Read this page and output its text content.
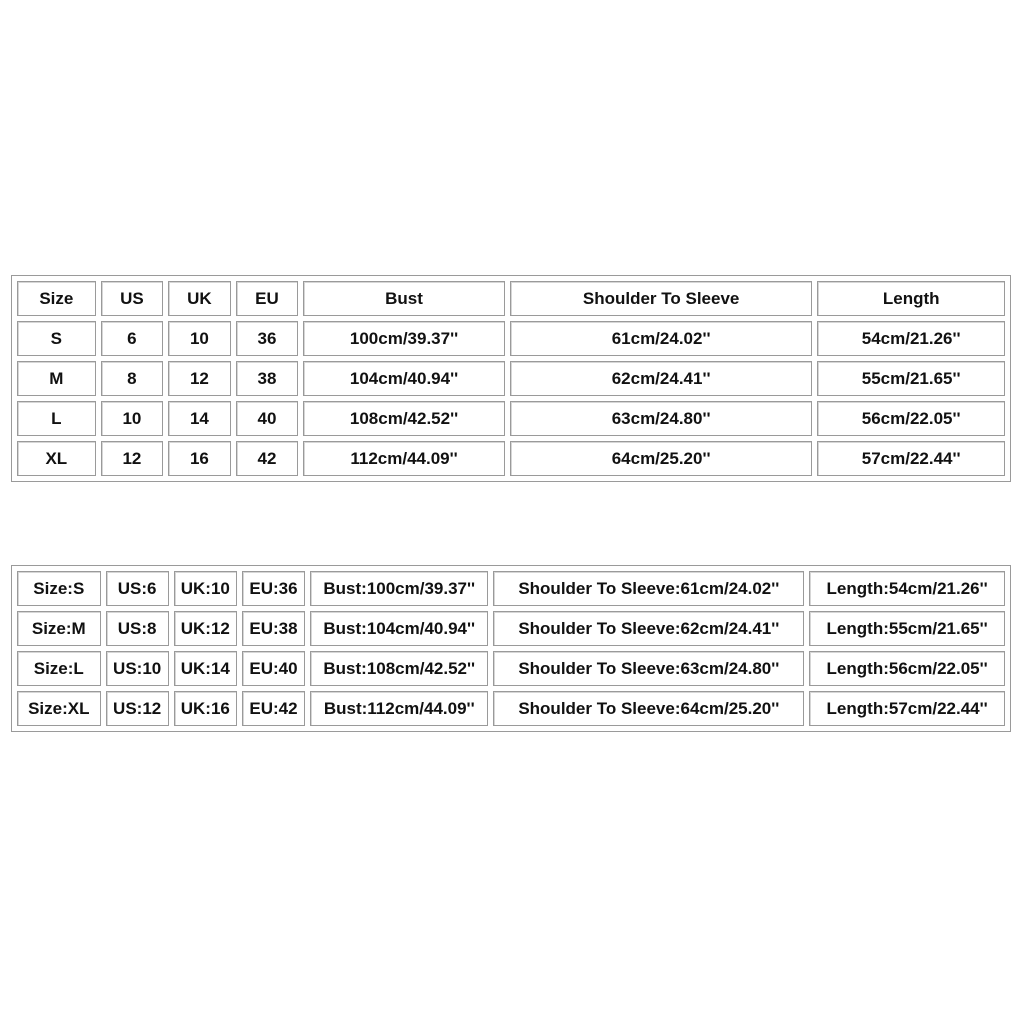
Size	US	UK	EU	Bust	Shoulder To Sleeve	Length
S	6	10	36	100cm/39.37''	61cm/24.02''	54cm/21.26''
M	8	12	38	104cm/40.94''	62cm/24.41''	55cm/21.65''
L	10	14	40	108cm/42.52''	63cm/24.80''	56cm/22.05''
XL	12	16	42	112cm/44.09''	64cm/25.20''	57cm/22.44''
Size:S	US:6	UK:10	EU:36	Bust:100cm/39.37''	Shoulder To Sleeve:61cm/24.02''	Length:54cm/21.26''
Size:M	US:8	UK:12	EU:38	Bust:104cm/40.94''	Shoulder To Sleeve:62cm/24.41''	Length:55cm/21.65''
Size:L	US:10	UK:14	EU:40	Bust:108cm/42.52''	Shoulder To Sleeve:63cm/24.80''	Length:56cm/22.05''
Size:XL	US:12	UK:16	EU:42	Bust:112cm/44.09''	Shoulder To Sleeve:64cm/25.20''	Length:57cm/22.44''
